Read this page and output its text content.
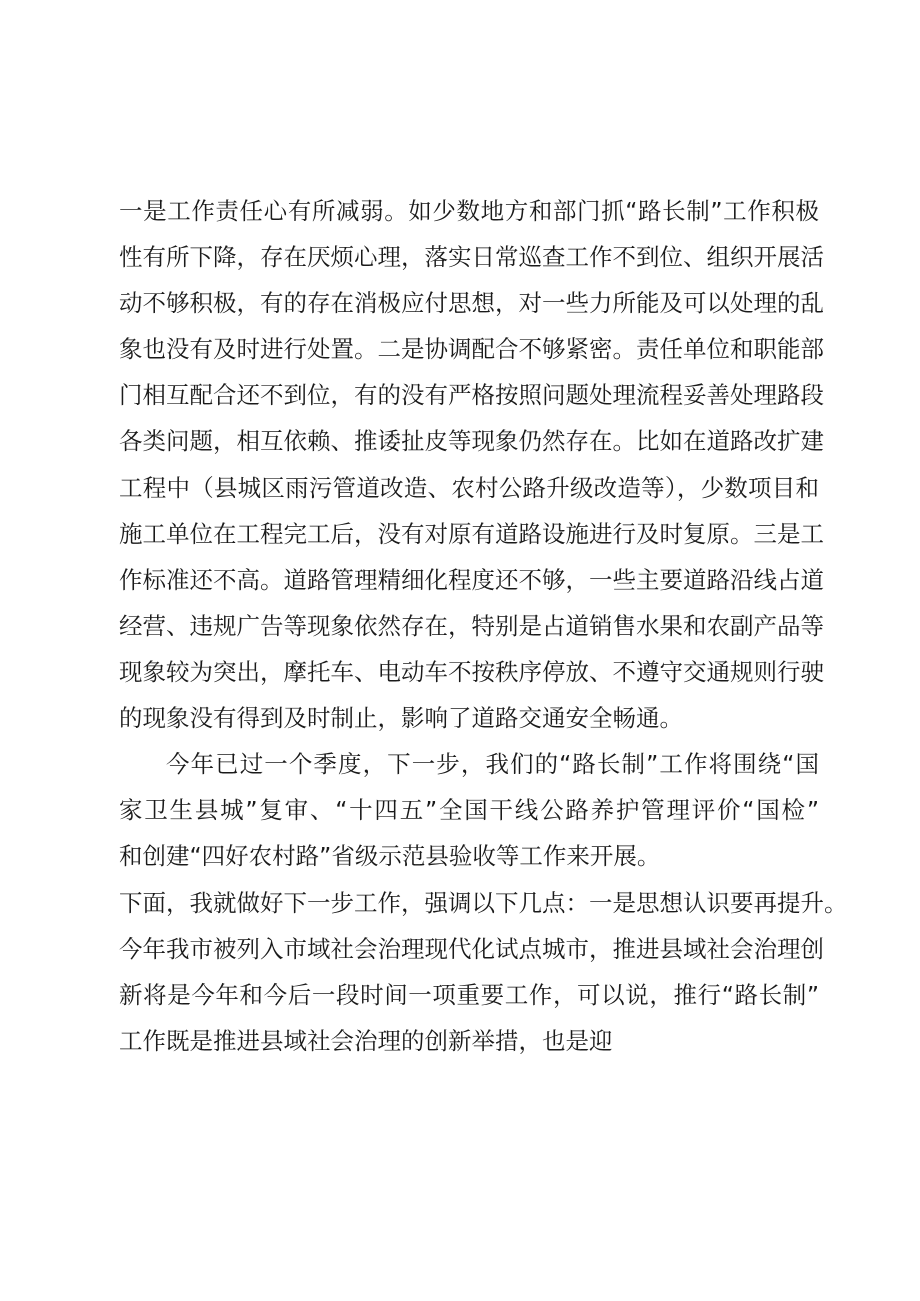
一是工作责任心有所减弱。如少数地方和部门抓“路长制”工作积极
性有所下降，存在厌烦心理，落实日常巡查工作不到位、组织开展活
动不够积极，有的存在消极应付思想，对一些力所能及可以处理的乱
象也没有及时进行处置。二是协调配合不够紧密。责任单位和职能部
门相互配合还不到位，有的没有严格按照问题处理流程妥善处理路段
各类问题，相互依赖、推诿扯皮等现象仍然存在。比如在道路改扩建
工程中（县城区雨污管道改造、农村公路升级改造等），少数项目和
施工单位在工程完工后，没有对原有道路设施进行及时复原。三是工
作标准还不高。道路管理精细化程度还不够，一些主要道路沿线占道
经营、违规广告等现象依然存在，特别是占道销售水果和农副产品等
现象较为突出，摩托车、电动车不按秩序停放、不遵守交通规则行驶
的现象没有得到及时制止，影响了道路交通安全畅通。
今年已过一个季度，下一步，我们的“路长制”工作将围绕“国
家卫生县城”复审、“十四五”全国干线公路养护管理评价“国检”
和创建“四好农村路”省级示范县验收等工作来开展。
下面，我就做好下一步工作，强调以下几点：一是思想认识要再提升。
今年我市被列入市域社会治理现代化试点城市，推进县域社会治理创
新将是今年和今后一段时间一项重要工作，可以说，推行“路长制”
工作既是推进县域社会治理的创新举措，也是迎
